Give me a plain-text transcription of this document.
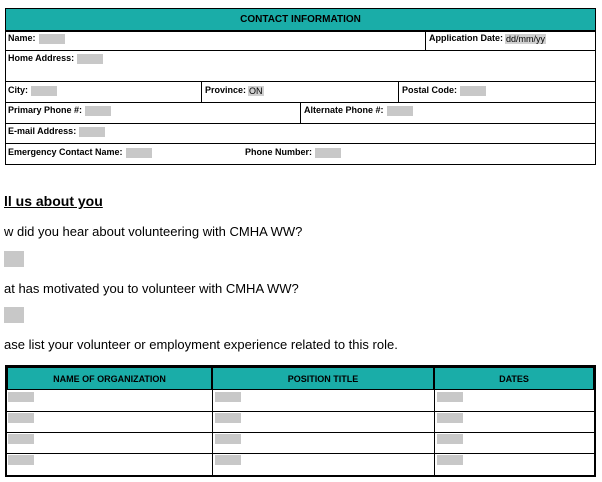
CONTACT INFORMATION
Name:	Application Date: dd/mm/yy
Home Address:
City:	Province: ON	Postal Code:
Primary Phone #:	Alternate Phone #:
E-mail Address:
Emergency Contact Name:	Phone Number:
ll us about you
w did you hear about volunteering with CMHA WW?
at has motivated you to volunteer with CMHA WW?
ase list your volunteer or employment experience related to this role.
NAME OF ORGANIZATION	POSITION TITLE	DATES
